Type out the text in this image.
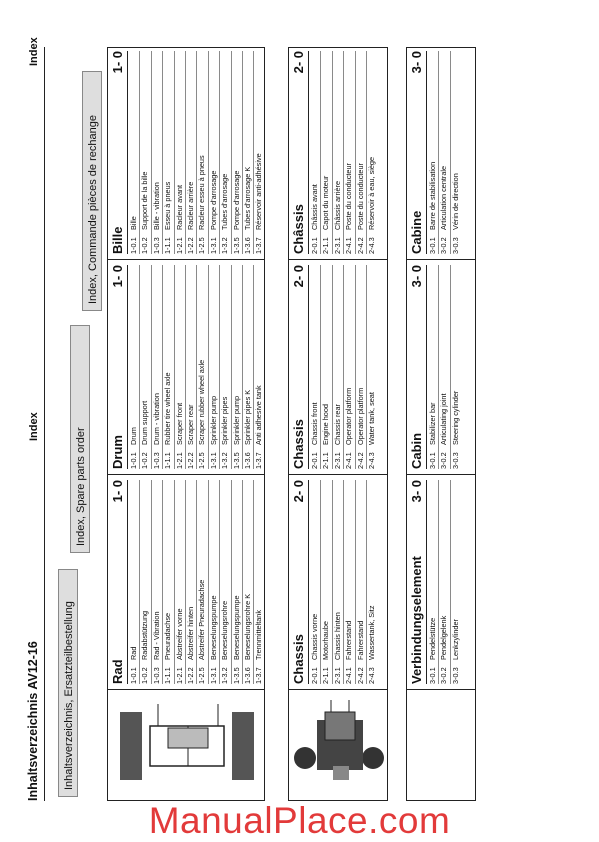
Inhaltsverzeichnis AV12-16
Index
Index
Inhaltsverzeichnis, Ersatzteilbestellung
Index, Spare parts order
Index, Commande pièces de rechange
Rad
1- 0
1-0.1
Rad
1-0.2
Radabstützung
1-0.3
Rad - Vibration
1-1.1
Pneuradachse
1-2.1
Abstreifer vorne
1-2.2
Abstreifer hinten
1-2.5
Abstreifer Pneuradachse
1-3.1
Beneselungspumpe
1-3.2
Beneselungsrohre
1-3.5
Beneselungspumpe
1-3.6
Beneselungsrohre K
1-3.7
Trennmitteltank
Drum
1- 0
1-0.1
Drum
1-0.2
Drum support
1-0.3
Drum - vibration
1-1.1
Rubber tire wheel axle
1-2.1
Scraper front
1-2.2
Scraper rear
1-2.5
Scraper rubber wheel axle
1-3.1
Sprinkler pump
1-3.2
Sprinkler pipes
1-3.5
Sprinkler pump
1-3.6
Sprinkler pipes K
1-3.7
Anti adhesive tank
Bille
1- 0
1-0.1
Bille
1-0.2
Support de la bille
1-0.3
Bille - vibration
1-1.1
Esseu à pneus
1-2.1
Racleur avant
1-2.2
Racleur arrière
1-2.5
Racleur esseu à pneus
1-3.1
Pompe d'arrosage
1-3.2
Tubes d'arrosage
1-3.5
Pompe d'arrosage
1-3.6
Tubes d'arrosage K
1-3.7
Réservoir anti-adhésive
Chassis
2- 0
2-0.1
Chassis vorne
2-1.1
Motorhaube
2-3.1
Chassis hinten
2-4.1
Fahrerstand
2-4.2
Fahrerstand
2-4.3
Wassertank, Sitz
Chassis
2- 0
2-0.1
Chassis front
2-1.1
Engine hood
2-3.1
Chassis rear
2-4.1
Operator platform
2-4.2
Operator platform
2-4.3
Water tank, seat
Châssis
2- 0
2-0.1
Châssis avant
2-1.1
Capot du moteur
2-3.1
Châssis arrière
2-4.1
Poste du conducteur
2-4.2
Poste du conducteur
2-4.3
Réservoir à eau, siège
Verbindungselement
3- 0
3-0.1
Pendelstütze
3-0.2
Pendelgelenk
3-0.3
Lenkzylinder
Cabin
3- 0
3-0.1
Stabilizer bar
3-0.2
Articulating joint
3-0.3
Steering cylinder
Cabine
3- 0
3-0.1
Barre de stabilisation
3-0.2
Articulation centrale
3-0.3
Vérin de direction
ManualPlace.com
